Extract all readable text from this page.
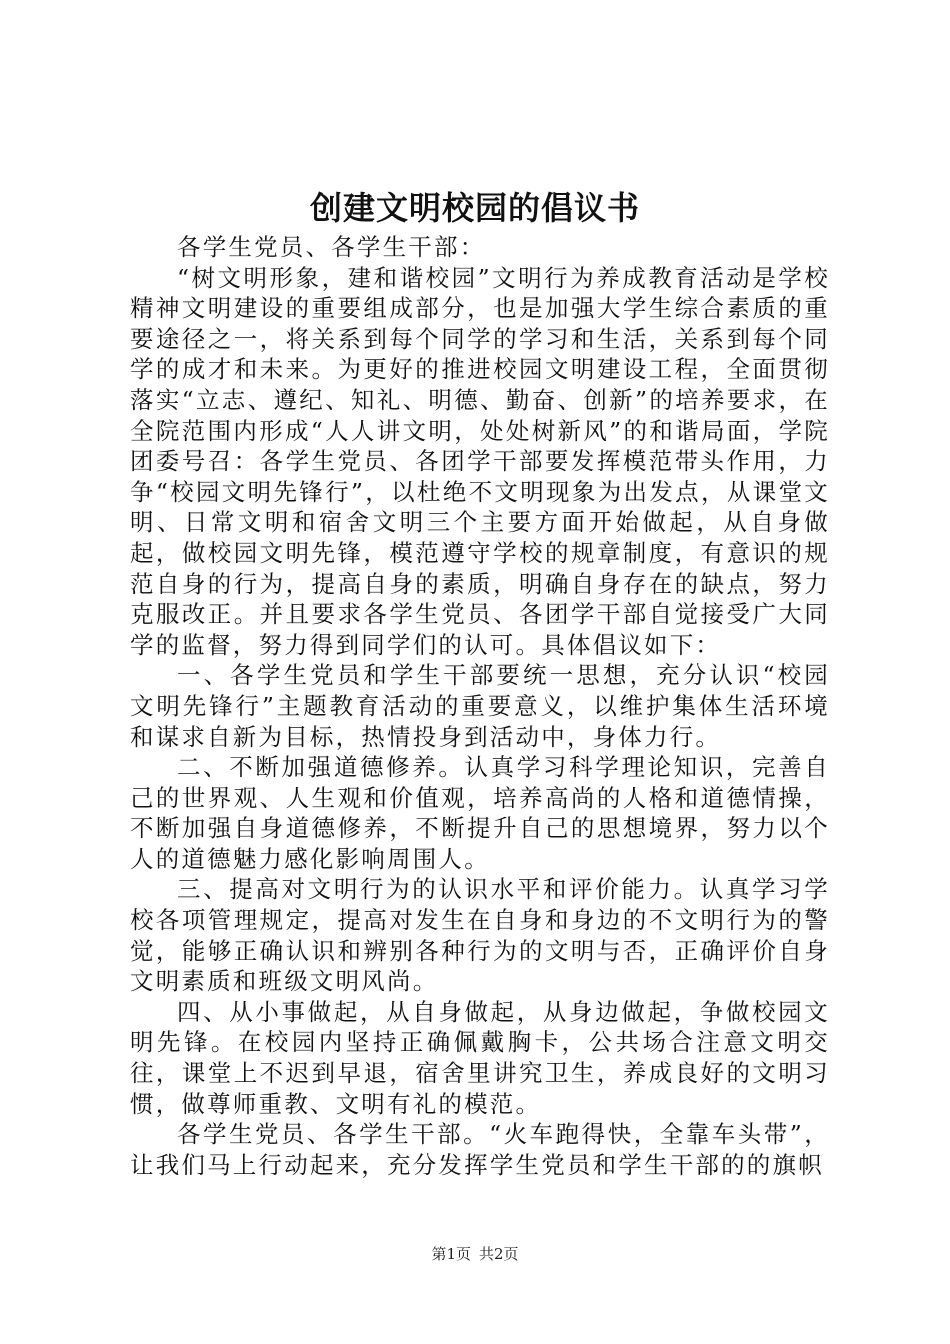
创建文明校园的倡议书

各学生党员、各学生干部：

“树文明形象，建和谐校园”文明行为养成教育活动是学校精神文明建设的重要组成部分，也是加强大学生综合素质的重要途径之一，将关系到每个同学的学习和生活，关系到每个同学的成才和未来。为更好的推进校园文明建设工程，全面贯彻落实“立志、遵纪、知礼、明德、勤奋、创新”的培养要求，在全院范围内形成“人人讲文明，处处树新风”的和谐局面，学院团委号召：各学生党员、各团学干部要发挥模范带头作用，力争“校园文明先锋行”，以杜绝不文明现象为出发点，从课堂文明、日常文明和宿舍文明三个主要方面开始做起，从自身做起，做校园文明先锋，模范遵守学校的规章制度，有意识的规范自身的行为，提高自身的素质，明确自身存在的缺点，努力克服改正。并且要求各学生党员、各团学干部自觉接受广大同学的监督，努力得到同学们的认可。具体倡议如下：

一、各学生党员和学生干部要统一思想，充分认识“校园文明先锋行”主题教育活动的重要意义，以维护集体生活环境和谋求自新为目标，热情投身到活动中，身体力行。

二、不断加强道德修养。认真学习科学理论知识，完善自己的世界观、人生观和价值观，培养高尚的人格和道德情操，不断加强自身道德修养，不断提升自己的思想境界，努力以个人的道德魅力感化影响周围人。

三、提高对文明行为的认识水平和评价能力。认真学习学校各项管理规定，提高对发生在自身和身边的不文明行为的警觉，能够正确认识和辨别各种行为的文明与否，正确评价自身文明素质和班级文明风尚。

四、从小事做起，从自身做起，从身边做起，争做校园文明先锋。在校园内坚持正确佩戴胸卡，公共场合注意文明交往，课堂上不迟到早退，宿舍里讲究卫生，养成良好的文明习惯，做尊师重教、文明有礼的模范。

各学生党员、各学生干部。“火车跑得快，全靠车头带”，让我们马上行动起来，充分发挥学生党员和学生干部的的旗帜

第1页 共2页
